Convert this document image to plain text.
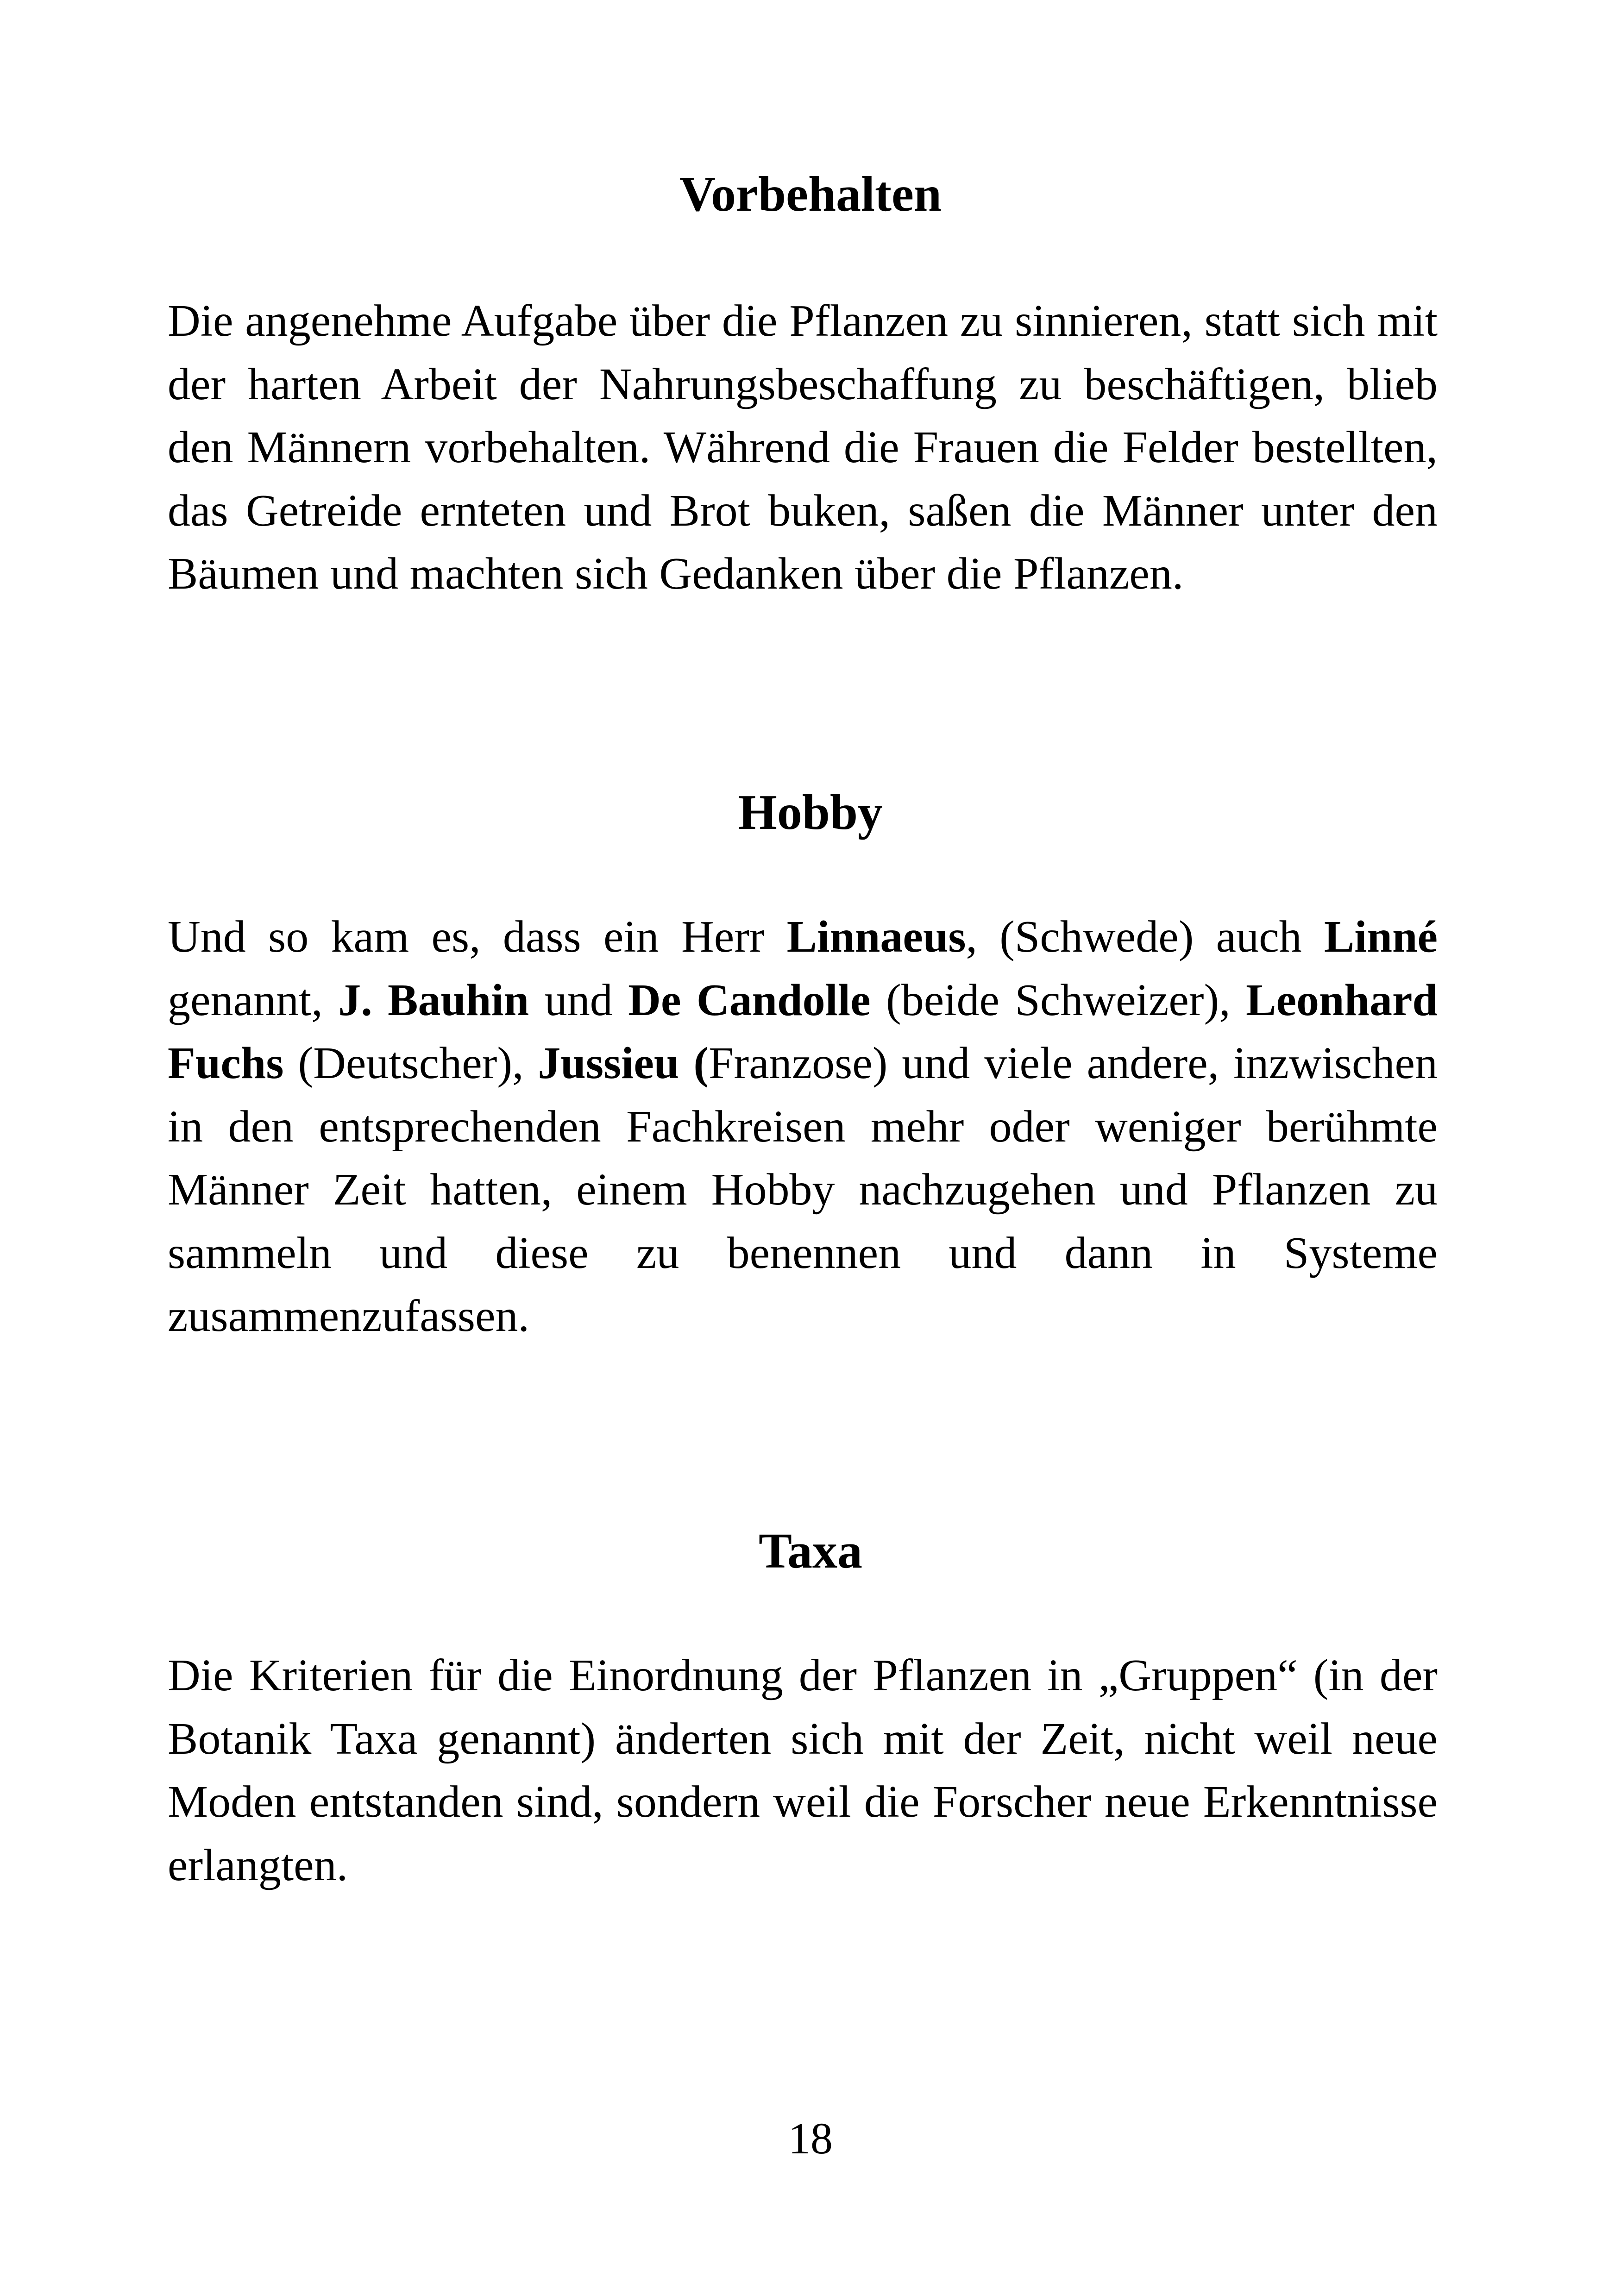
Vorbehalten

Die angenehme Aufgabe über die Pflanzen zu sinnieren, statt sich mit der harten Arbeit der Nahrungsbeschaffung zu beschäftigen, blieb den Männern vorbehalten. Während die Frauen die Felder bestellten, das Getreide ernteten und Brot buken, saßen die Männer unter den Bäumen und machten sich Gedanken über die Pflanzen.

Hobby

Und so kam es, dass ein Herr Linnaeus, (Schwede) auch Linné genannt, J. Bauhin und De Candolle (beide Schweizer), Leonhard Fuchs (Deutscher), Jussieu (Franzose) und viele andere, inzwischen in den entsprechenden Fachkreisen mehr oder weniger berühmte Männer Zeit hatten, einem Hobby nachzugehen und Pflanzen zu sammeln und diese zu benennen und dann in Systeme zusammenzufassen.

Taxa

Die Kriterien für die Einordnung der Pflanzen in „Gruppen“ (in der Botanik Taxa genannt) änderten sich mit der Zeit, nicht weil neue Moden entstanden sind, sondern weil die Forscher neue Erkenntnisse erlangten.

18
